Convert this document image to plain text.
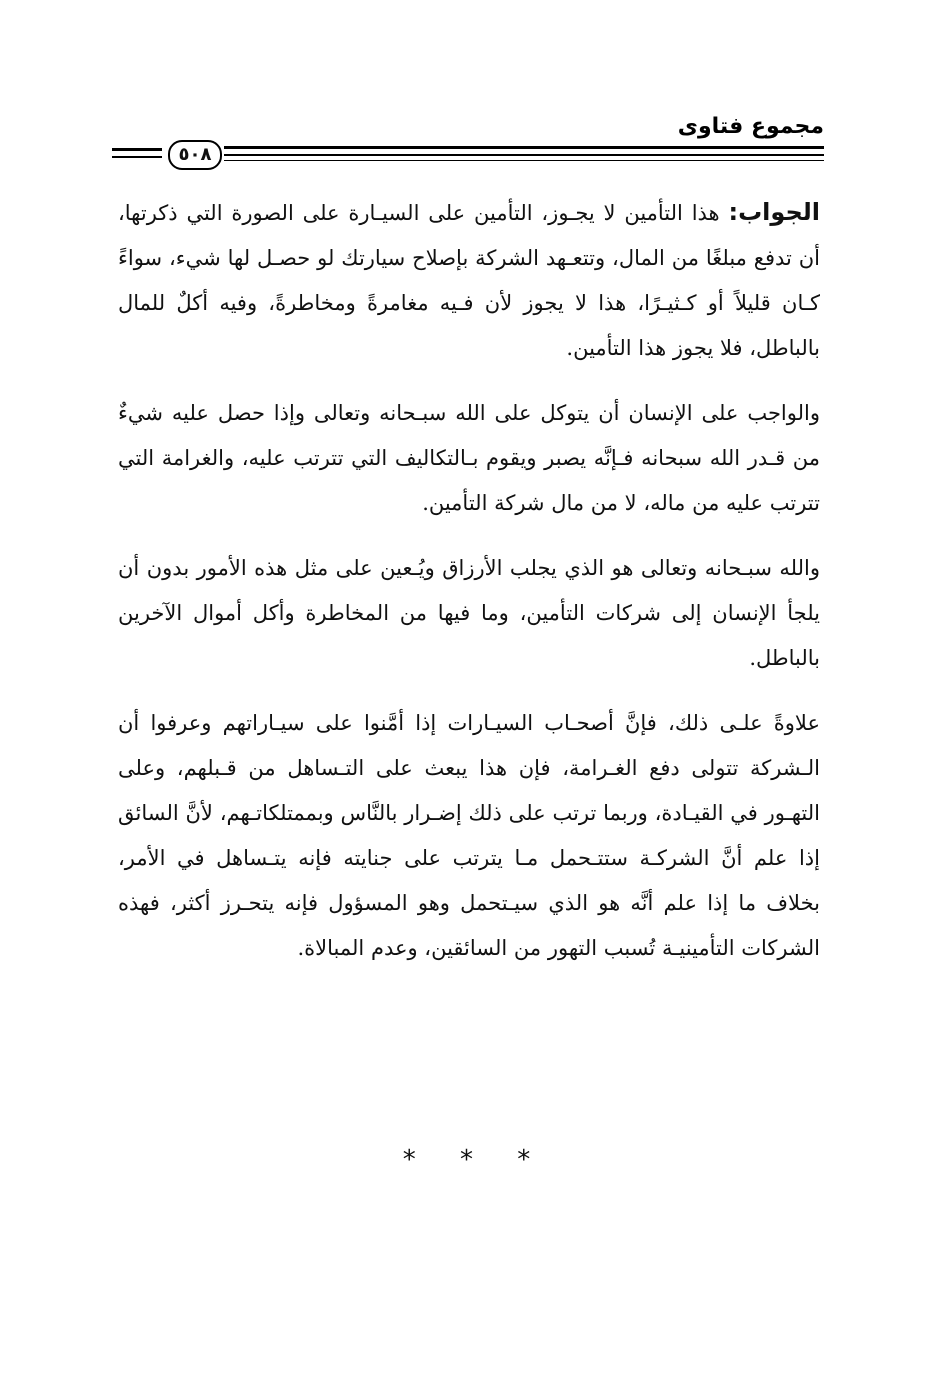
مجموع فتاوى
٥٠٨

الجواب: هذا التأمين لا يجـوز، التأمين على السيـارة على الصورة التي ذكرتها، أن تدفع مبلغًا من المال، وتتعـهد الشركة بإصلاح سيارتك لو حصـل لها شيء، سواءً كـان قليلاً أو كـثيـرًا، هذا لا يجوز لأن فـيه مغامرةً ومخاطرةً، وفيه أكلٌ للمال بالباطل، فلا يجوز هذا التأمين.

والواجب على الإنسان أن يتوكل على الله سبـحانه وتعالى وإذا حصل عليه شيءٌ من قـدر الله سبحانه فـإنَّه يصبر ويقوم بـالتكاليف التي تترتب عليه، والغرامة التي تترتب عليه من ماله، لا من مال شركة التأمين.

والله سبـحانه وتعالى هو الذي يجلب الأرزاق ويُـعين على مثل هذه الأمور بدون أن يلجأ الإنسان إلى شركات التأمين، وما فيها من المخاطرة وأكل أموال الآخرين بالباطل.

علاوةً علـى ذلك، فإنَّ أصحـاب السيـارات إذا أمَّنوا على سيـاراتهم وعرفوا أن الـشركة تتولى دفع الغـرامة، فإن هذا يبعث على التـساهل من قـبلهم، وعلى التهـور في القيـادة، وربما ترتب على ذلك إضـرار بالنَّاس وبممتلكاتـهم، لأنَّ السائق إذا علم أنَّ الشركـة ستتـحمل مـا يترتب على جنايته فإنه يتـساهل في الأمر، بخلاف ما إذا علم أنَّه هو الذي سيـتحمل وهو المسؤول فإنه يتحـرز أكثر، فهذه الشركات التأمينيـة تُسبب التهور من السائقين، وعدم المبالاة.

* * *
